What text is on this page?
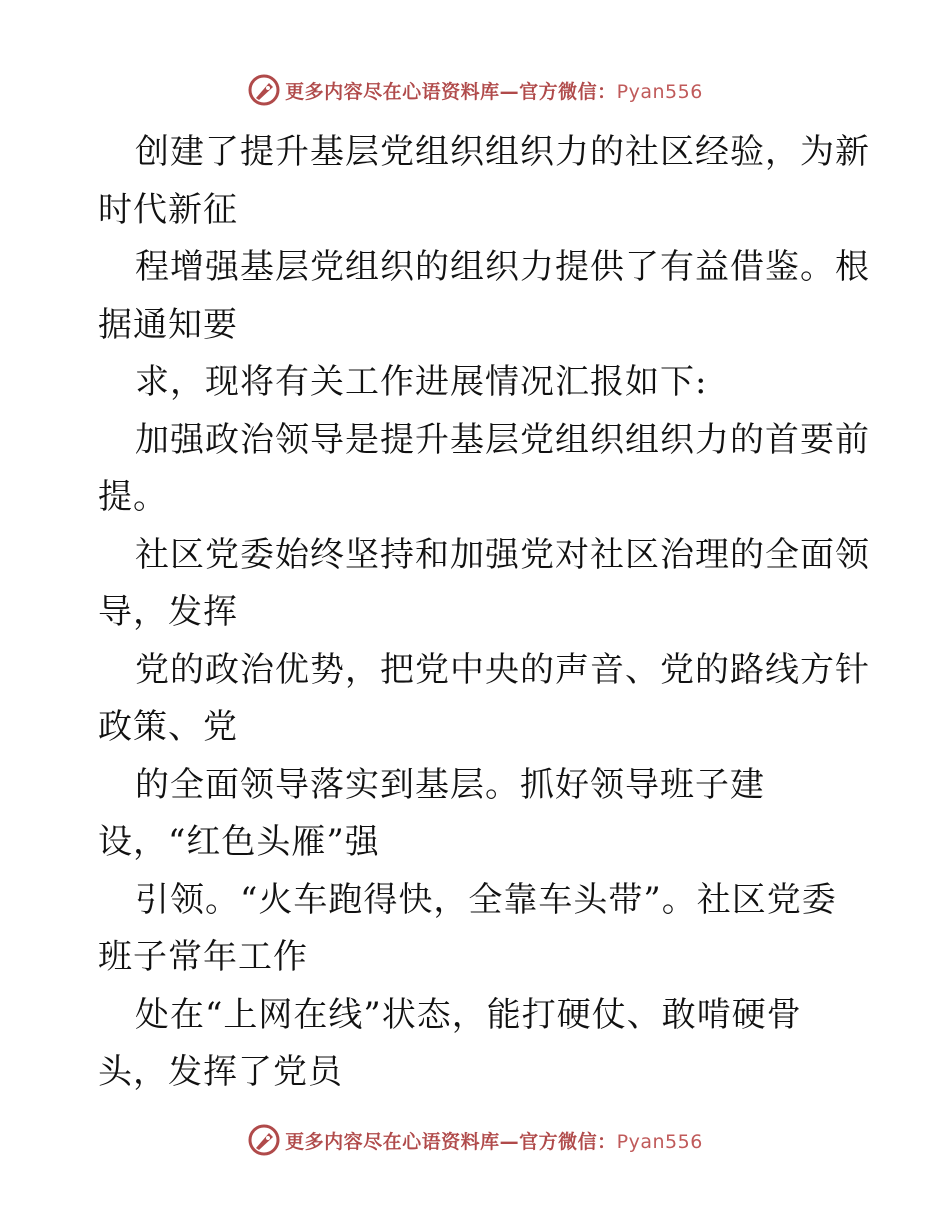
更多内容尽在心语资料库—官方微信：Pyan556
创建了提升基层党组织组织力的社区经验，为新
时代新征
程增强基层党组织的组织力提供了有益借鉴。根
据通知要
求，现将有关工作进展情况汇报如下:
加强政治领导是提升基层党组织组织力的首要前
提。
社区党委始终坚持和加强党对社区治理的全面领
导，发挥
党的政治优势，把党中央的声音、党的路线方针
政策、党
的全面领导落实到基层。抓好领导班子建
设，“红色头雁”强
引领。“火车跑得快，全靠车头带”。社区党委
班子常年工作
处在“上网在线”状态，能打硬仗、敢啃硬骨
头，发挥了党员
更多内容尽在心语资料库—官方微信：Pyan556
